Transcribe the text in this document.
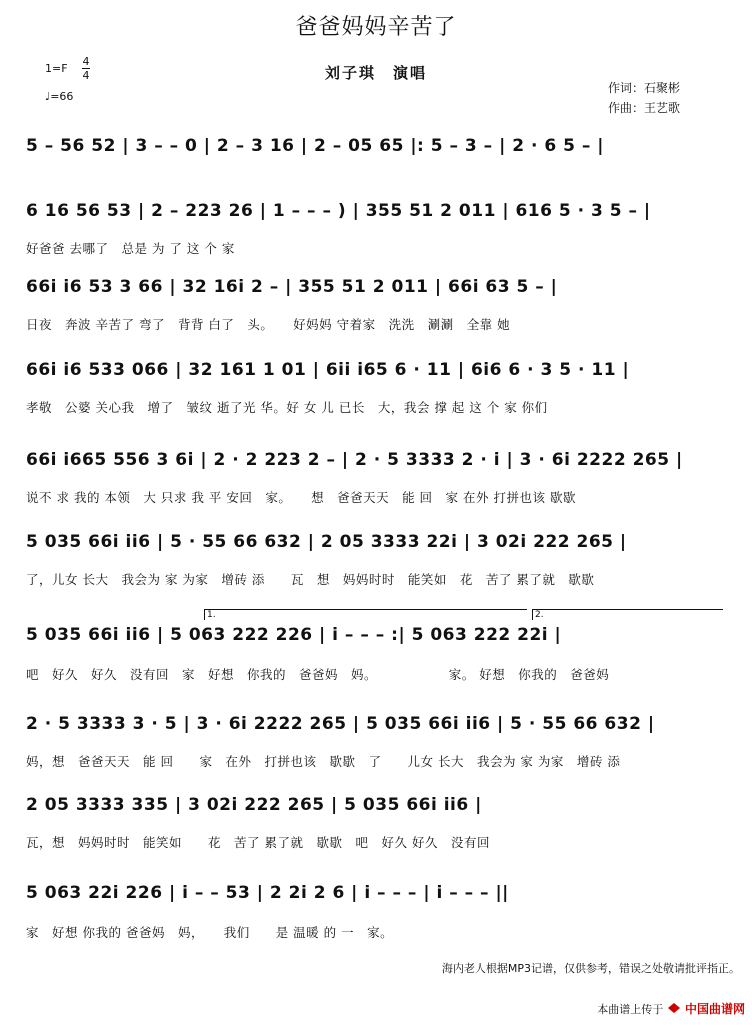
爸爸妈妈辛苦了
刘子琪　演唱
1=F
4
4
♩=66
作词：石聚彬
作曲：王艺歌
5 – 56 52 | 3 – – 0 | 2 – 3 16 | 2 – 05 65 |: 5 – 3 – | 2 · 6 5 – |
6 16 56 53 | 2 – 223 26 | 1 – – – ) | 355 51 2 011 | 616 5 · 3 5 – |
好爸爸 去哪了　总是 为 了 这 个 家
66i i6 53 3 66 | 32 16i 2 – | 355 51 2 011 | 66i 63 5 – |
日夜　奔波 辛苦了 弯了　背背 白了　头。　　好妈妈 守着家　洗洗　涮涮　全靠 她
66i i6 533 066 | 32 161 1 01 | 6ii i65 6 · 11 | 6i6 6 · 3 5 · 11 |
孝敬　公婆 关心我　增了　皱纹 逝了光 华。好 女 儿 已长　大，我会 撑 起 这 个 家 你们
66i i665 556 3 6i | 2 · 2 223 2 – | 2 · 5 3333 2 · i | 3 · 6i 2222 265 |
说不 求 我的 本领　大 只求 我 平 安回　家。　　想　爸爸天天　能 回　家 在外 打拼也该 歇歇
5 035 66i ii6 | 5 · 55 66 632 | 2 05 3333 22i | 3 02i 222 265 |
了，儿女 长大　我会为 家 为家　增砖 添　　瓦　想　妈妈时时　能笑如　花　苦了 累了就　歇歇
1.	2.
5 035 66i ii6 | 5 063 222 226 | i – – – :| 5 063 222 22i |
吧　好久　好久　没有回　家　好想　你我的　爸爸妈　妈。　　　　　　家。 好想　你我的　爸爸妈
2 · 5 3333 3 · 5 | 3 · 6i 2222 265 | 5 035 66i ii6 | 5 · 55 66 632 |
妈，想　爸爸天天　能 回　　家　在外　打拼也该　歇歇　了　　儿女 长大　我会为 家 为家　增砖 添
2 05 3333 335 | 3 02i 222 265 | 5 035 66i ii6 |
瓦，想　妈妈时时　能笑如　　花　苦了 累了就　歇歇　吧　好久 好久　没有回
5 063 22i 226 | i – – 53 | 2 2i 2 6 | i – – – | i – – – ||
家　好想 你我的 爸爸妈　妈，　　我们　　是 温暖 的 一　家。
海内老人根据MP3记谱，仅供参考，错误之处敬请批评指正。
本曲谱上传于 中国曲谱网
